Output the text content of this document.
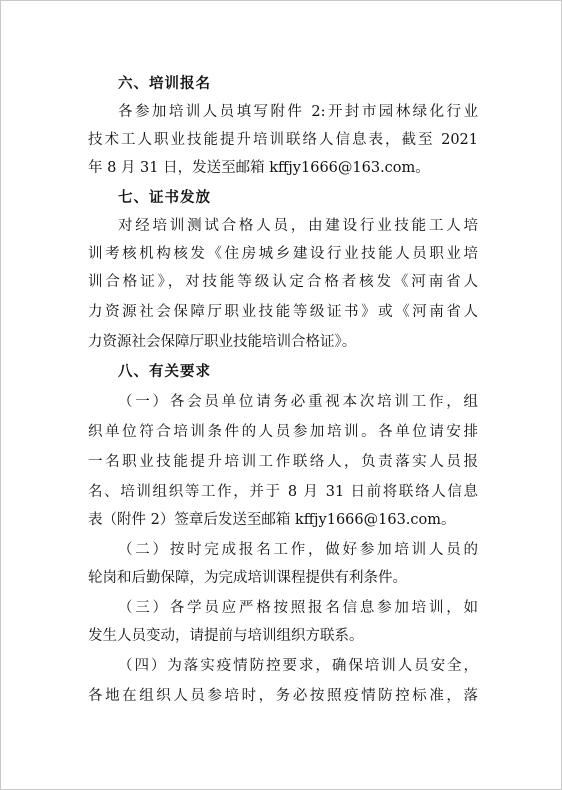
六、培训报名
各参加培训人员填写附件 2:开封市园林绿化行业
技术工人职业技能提升培训联络人信息表，截至 2021
年 8 月 31 日，发送至邮箱 kffjy1666@163.com。
七、证书发放
对经培训测试合格人员，由建设行业技能工人培
训考核机构核发《住房城乡建设行业技能人员职业培
训合格证》，对技能等级认定合格者核发《河南省人
力资源社会保障厅职业技能等级证书》或《河南省人
力资源社会保障厅职业技能培训合格证》。
八、有关要求
（一）各会员单位请务必重视本次培训工作，组
织单位符合培训条件的人员参加培训。各单位请安排
一名职业技能提升培训工作联络人，负责落实人员报
名、培训组织等工作，并于 8 月 31 日前将联络人信息
表（附件 2）签章后发送至邮箱 kffjy1666@163.com。
（二）按时完成报名工作，做好参加培训人员的
轮岗和后勤保障，为完成培训课程提供有利条件。
（三）各学员应严格按照报名信息参加培训，如
发生人员变动，请提前与培训组织方联系。
（四）为落实疫情防控要求，确保培训人员安全，
各地在组织人员参培时，务必按照疫情防控标准，落
